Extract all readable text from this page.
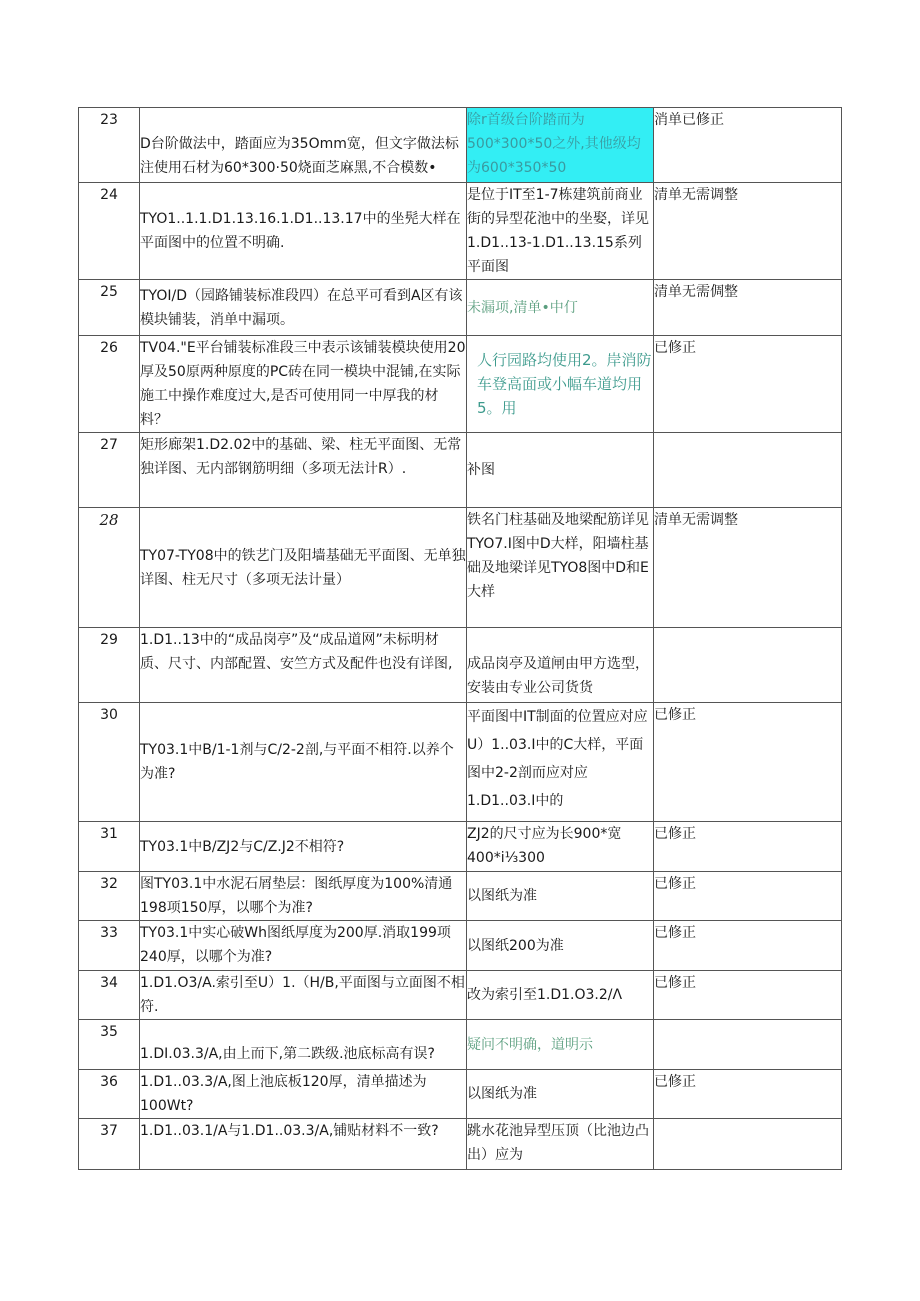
23	D台阶做法中，踏面应为35Omm宽，但文字做法标注使用石材为60*300·50烧面芝麻黑,不合模数•	除r首级台阶踏而为500*300*50之外,其他级均为600*350*50	消单已修正
24	TYO1..1.1.D1.13.16.1.D1..13.17中的坐髡大样在平面图中的位置不明确.	是位于IT至1-7栋建筑前商业街的异型花池中的坐娶，详见1.D1..13-1.D1..13.15系列平面图	清单无需调整
25	TYOI/D（园路铺装标准段四）在总平可看到A区有该模块铺装，消单中漏项。	未漏项,清单•中仃	清单无需倜整
26	TV04."E平台铺装标准段三中表示该铺装模块使用20厚及50原两种原度的PC砖在同一模块中混铺,在实际施工中操作难度过大,是否可使用同一中厚我的材料？	人行园路均使用2。岸消防车登高面或小幅车道均用5。用	已修正
27	矩形廊架1.D2.02中的基础、梁、柱无平面图、无常独详图、无内部钢筋明细（多项无法计R）.	补图	

28	TY07-TY08中的铁艺门及阳墙基础无平面图、无单独详图、柱无尺寸（多项无法计量）	铁名门柱基础及地梁配筋详见TYO7.I图中D大样，阳墙柱基础及地梁详见TYO8图中D和E大样	清单无需调整
29	1.D1..13中的“成品岗亭”及“成品道网”未标明材质、尺寸、内部配置、安竺方式及配件也没有详图,	成品岗亭及道闸由甲方选型，安装由专业公司货货	

30	TY03.1中B/1-1剂与C/2-2剖,与平面不相符.以养个为准?	平面图中IT制面的位置应对应U）1..03.I中的C大样，平面图中2-2剖而应对应1.D1..03.I中的	已修正
31	TY03.1中B/ZJ2与C/Z.J2不相符?	ZJ2的尺寸应为长900*宽400*i⅓300	已修正
32	图TY03.1中水泥石屑垫层：图纸厚度为100%清通198项150厚，以哪个为准?	以图纸为准	已修正
33	TY03.1中实心破Wh图纸厚度为200厚.消取199项240厚，以哪个为准?	以图纸200为准	已修正
34	1.D1.O3/A.索引至U）1.（H/B,平面图与立面图不相符.	改为索引至1.D1.O3.2/Λ	已修正
35	1.DI.03.3/A,由上而下,第二跌级.池底标高有误?	疑问不明确，道明示	

36	1.D1..03.3/A,图上池底板120厚，清单描述为100Wt?	以图纸为准	已修正
37	1.D1..03.1/A与1.D1..03.3/A,铺贴材料不一致?	跳水花池异型压顶（比池边凸出）应为	
